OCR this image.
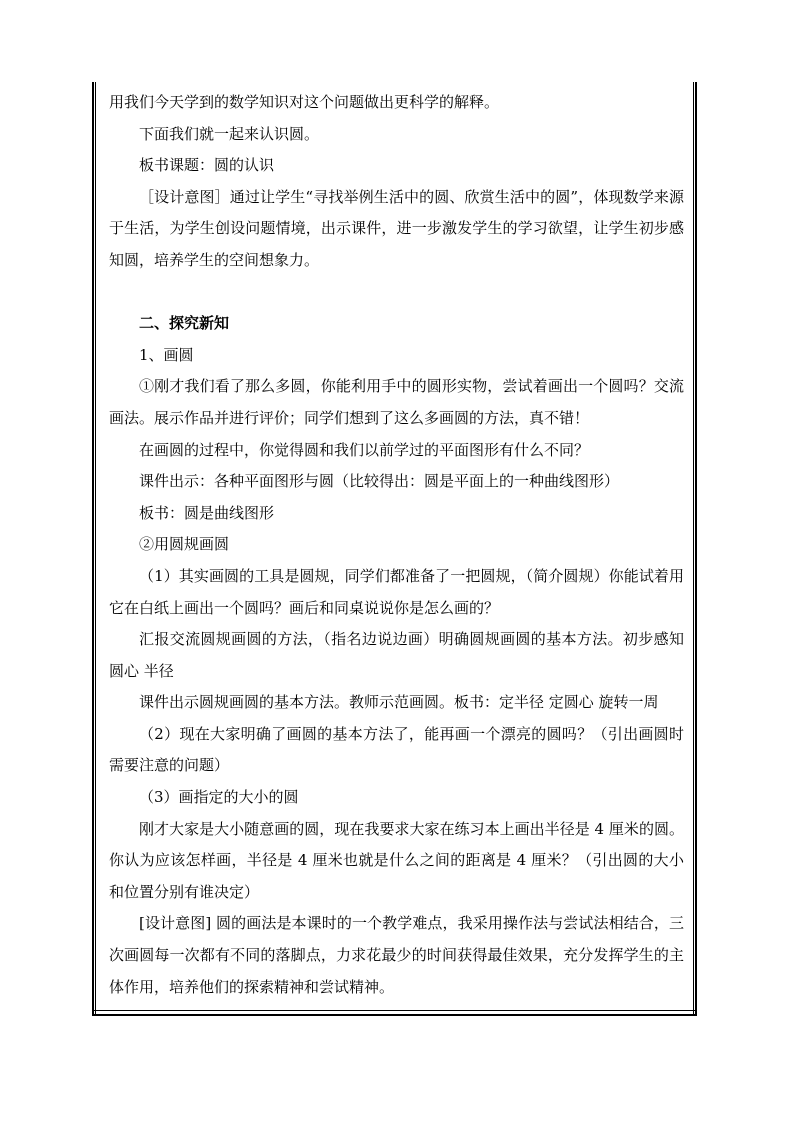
用我们今天学到的数学知识对这个问题做出更科学的解释。

下面我们就一起来认识圆。

板书课题：圆的认识

［设计意图］通过让学生“寻找举例生活中的圆、欣赏生活中的圆”，体现数学来源于生活，为学生创设问题情境，出示课件，进一步激发学生的学习欲望，让学生初步感知圆，培养学生的空间想象力。

二、探究新知

1、画圆

①刚才我们看了那么多圆，你能利用手中的圆形实物，尝试着画出一个圆吗？交流画法。展示作品并进行评价；同学们想到了这么多画圆的方法，真不错！

在画圆的过程中，你觉得圆和我们以前学过的平面图形有什么不同？

课件出示：各种平面图形与圆（比较得出：圆是平面上的一种曲线图形）

板书：圆是曲线图形

②用圆规画圆

（1）其实画圆的工具是圆规，同学们都准备了一把圆规，（简介圆规）你能试着用它在白纸上画出一个圆吗？画后和同桌说说你是怎么画的？

汇报交流圆规画圆的方法，（指名边说边画）明确圆规画圆的基本方法。初步感知圆心 半径

课件出示圆规画圆的基本方法。教师示范画圆。板书：定半径 定圆心 旋转一周

（2）现在大家明确了画圆的基本方法了，能再画一个漂亮的圆吗？（引出画圆时需要注意的问题）

（3）画指定的大小的圆

刚才大家是大小随意画的圆，现在我要求大家在练习本上画出半径是 4 厘米的圆。你认为应该怎样画，半径是 4 厘米也就是什么之间的距离是 4 厘米？（引出圆的大小和位置分别有谁决定）

[设计意图] 圆的画法是本课时的一个教学难点，我采用操作法与尝试法相结合，三次画圆每一次都有不同的落脚点，力求花最少的时间获得最佳效果，充分发挥学生的主体作用，培养他们的探索精神和尝试精神。
